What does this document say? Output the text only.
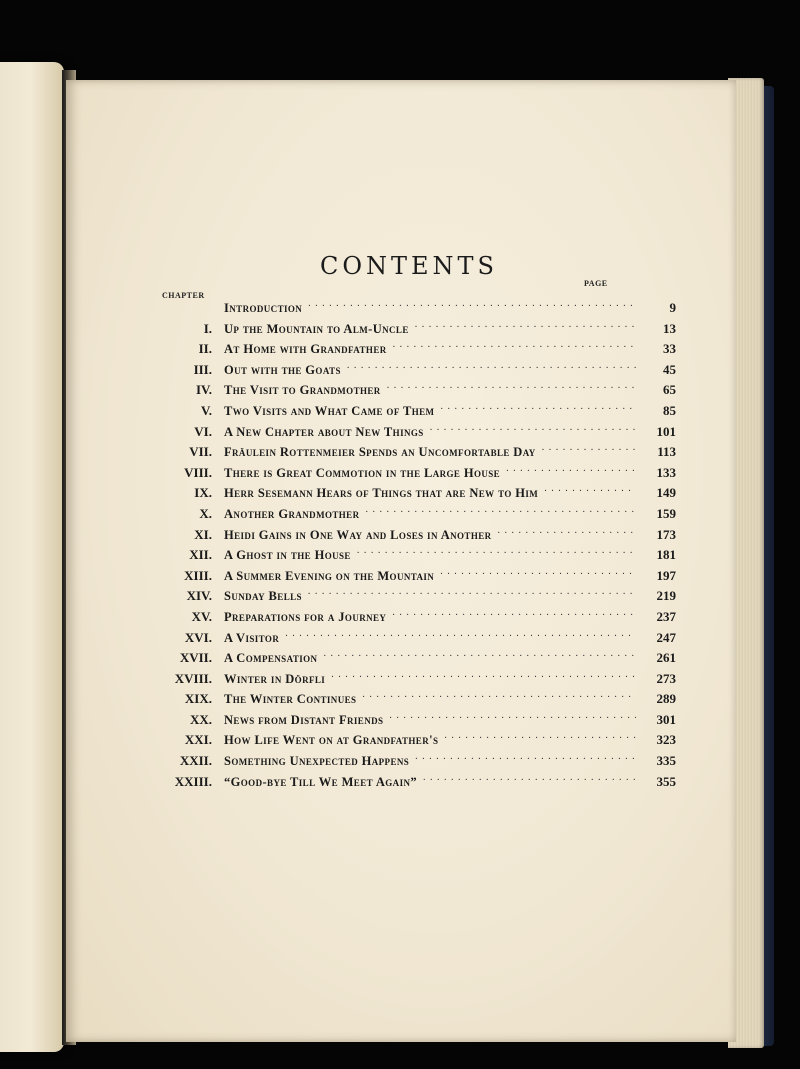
CONTENTS
PAGE
CHAPTER
Introduction . . .	9
I. Up the Mountain to Alm-Uncle . . .	13
II. At Home with Grandfather . . .	33
III. Out with the Goats . . .	45
IV. The Visit to Grandmother . . .	65
V. Two Visits and What Came of Them . . .	85
VI. A New Chapter about New Things . . .	101
VII. Fräulein Rottenmeier Spends an Uncomfortable Day . . .	113
VIII. There is Great Commotion in the Large House . . .	133
IX. Herr Sesemann Hears of Things that are New to Him . . .	149
X. Another Grandmother . . .	159
XI. Heidi Gains in One Way and Loses in Another . . .	173
XII. A Ghost in the House . . .	181
XIII. A Summer Evening on the Mountain . . .	197
XIV. Sunday Bells . . .	219
XV. Preparations for a Journey . . .	237
XVI. A Visitor . . .	247
XVII. A Compensation . . .	261
XVIII. Winter in Dörfli . . .	273
XIX. The Winter Continues . . .	289
XX. News from Distant Friends . . .	301
XXI. How Life Went on at Grandfather's . . .	323
XXII. Something Unexpected Happens . . .	335
XXIII. “Good-bye Till We Meet Again” . . .	355
